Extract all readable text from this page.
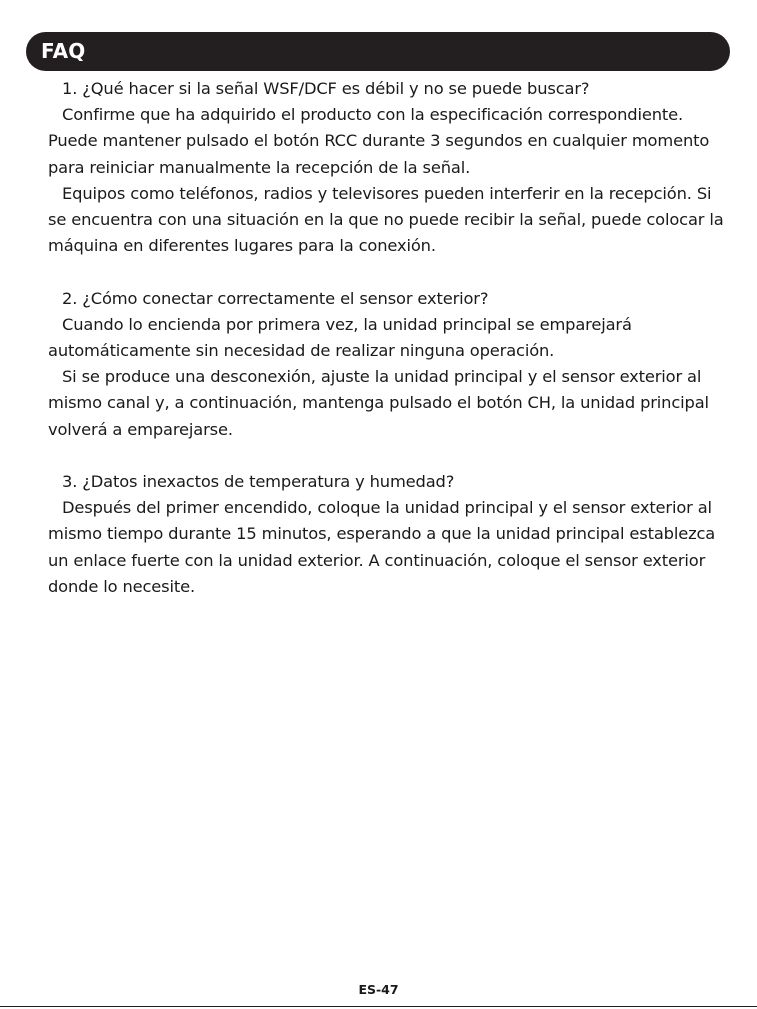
FAQ

1. ¿Qué hacer si la señal WSF/DCF es débil y no se puede buscar?

Confirme que ha adquirido el producto con la especificación correspondiente. Puede mantener pulsado el botón RCC durante 3 segundos en cualquier momento para reiniciar manualmente la recepción de la señal.

Equipos como teléfonos, radios y televisores pueden interferir en la recepción. Si se encuentra con una situación en la que no puede recibir la señal, puede colocar la máquina en diferentes lugares para la conexión.

2. ¿Cómo conectar correctamente el sensor exterior?

Cuando lo encienda por primera vez, la unidad principal se emparejará automáticamente sin necesidad de realizar ninguna operación.

Si se produce una desconexión, ajuste la unidad principal y el sensor exterior al mismo canal y, a continuación, mantenga pulsado el botón CH, la unidad principal volverá a emparejarse.

3. ¿Datos inexactos de temperatura y humedad?

Después del primer encendido, coloque la unidad principal y el sensor exterior al mismo tiempo durante 15 minutos, esperando a que la unidad principal establezca un enlace fuerte con la unidad exterior. A continuación, coloque el sensor exterior donde lo necesite.

ES-47
